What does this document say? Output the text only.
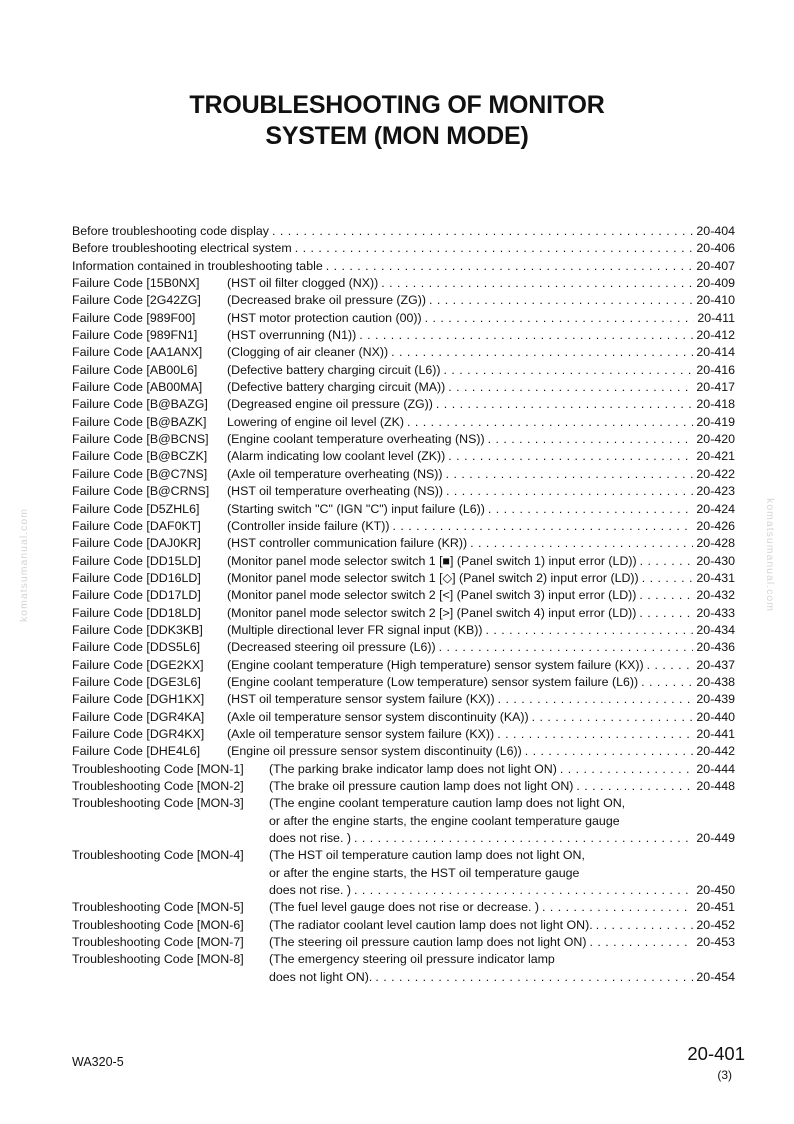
TROUBLESHOOTING OF MONITOR
SYSTEM (MON MODE)
Before troubleshooting code display . . .	20-404
Before troubleshooting electrical system . . .	20-406
Information contained in troubleshooting table . . .	20-407
Failure Code [15B0NX]	(HST oil filter clogged (NX)) . . .	20-409
Failure Code [2G42ZG]	(Decreased brake oil pressure (ZG)) . . .	20-410
Failure Code [989F00]	(HST motor protection caution (00)) . . .	20-411
Failure Code [989FN1]	(HST overrunning (N1)) . . .	20-412
Failure Code [AA1ANX]	(Clogging of air cleaner (NX)) . . .	20-414
Failure Code [AB00L6]	(Defective battery charging circuit (L6)) . . .	20-416
Failure Code [AB00MA]	(Defective battery charging circuit (MA)) . . .	20-417
Failure Code [B@BAZG]	(Degreased engine oil pressure (ZG)) . . .	20-418
Failure Code [B@BAZK]	Lowering of engine oil level (ZK) . . .	20-419
Failure Code [B@BCNS]	(Engine coolant temperature overheating (NS)) . . .	20-420
Failure Code [B@BCZK]	(Alarm indicating low coolant level (ZK)) . . .	20-421
Failure Code [B@C7NS]	(Axle oil temperature overheating (NS)) . . .	20-422
Failure Code [B@CRNS]	(HST oil temperature overheating (NS)) . . .	20-423
Failure Code [D5ZHL6]	(Starting switch "C" (IGN "C") input failure (L6)) . . .	20-424
Failure Code [DAF0KT]	(Controller inside failure (KT)) . . .	20-426
Failure Code [DAJ0KR]	(HST controller communication failure (KR)) . . .	20-428
Failure Code [DD15LD]	(Monitor panel mode selector switch 1 [■] (Panel switch 1) input error (LD)) . . .	20-430
Failure Code [DD16LD]	(Monitor panel mode selector switch 1 [◇] (Panel switch 2) input error (LD)) . . .	20-431
Failure Code [DD17LD]	(Monitor panel mode selector switch 2 [<] (Panel switch 3) input error (LD)) . . .	20-432
Failure Code [DD18LD]	(Monitor panel mode selector switch 2 [>] (Panel switch 4) input error (LD)) . . .	20-433
Failure Code [DDK3KB]	(Multiple directional lever FR signal input (KB)) . . .	20-434
Failure Code [DDS5L6]	(Decreased steering oil pressure (L6)) . . .	20-436
Failure Code [DGE2KX]	(Engine coolant temperature (High temperature) sensor system failure (KX)) . . .	20-437
Failure Code [DGE3L6]	(Engine coolant temperature (Low temperature) sensor system failure (L6)) . . .	20-438
Failure Code [DGH1KX]	(HST oil temperature sensor system failure (KX)) . . .	20-439
Failure Code [DGR4KA]	(Axle oil temperature sensor system discontinuity (KA)) . . .	20-440
Failure Code [DGR4KX]	(Axle oil temperature sensor system failure (KX)) . . .	20-441
Failure Code [DHE4L6]	(Engine oil pressure sensor system discontinuity (L6)) . . .	20-442
Troubleshooting Code [MON-1]	(The parking brake indicator lamp does not light ON) . . .	20-444
Troubleshooting Code [MON-2]	(The brake oil pressure caution lamp does not light ON) . . .	20-448
Troubleshooting Code [MON-3]	(The engine coolant temperature caution lamp does not light ON,
or after the engine starts, the engine coolant temperature gauge
does not rise. ) . . .	20-449
Troubleshooting Code [MON-4]	(The HST oil temperature caution lamp does not light ON,
or after the engine starts, the HST oil temperature gauge
does not rise. ) . . .	20-450
Troubleshooting Code [MON-5]	(The fuel level gauge does not rise or decrease. ) . . .	20-451
Troubleshooting Code [MON-6]	(The radiator coolant level caution lamp does not light ON). . . .	20-452
Troubleshooting Code [MON-7]	(The steering oil pressure caution lamp does not light ON) . . .	20-453
Troubleshooting Code [MON-8]	(The emergency steering oil pressure indicator lamp
does not light ON). . . .	20-454
WA320-5	20-401
(3)
komatsumanual.com	komatsumanual.com
